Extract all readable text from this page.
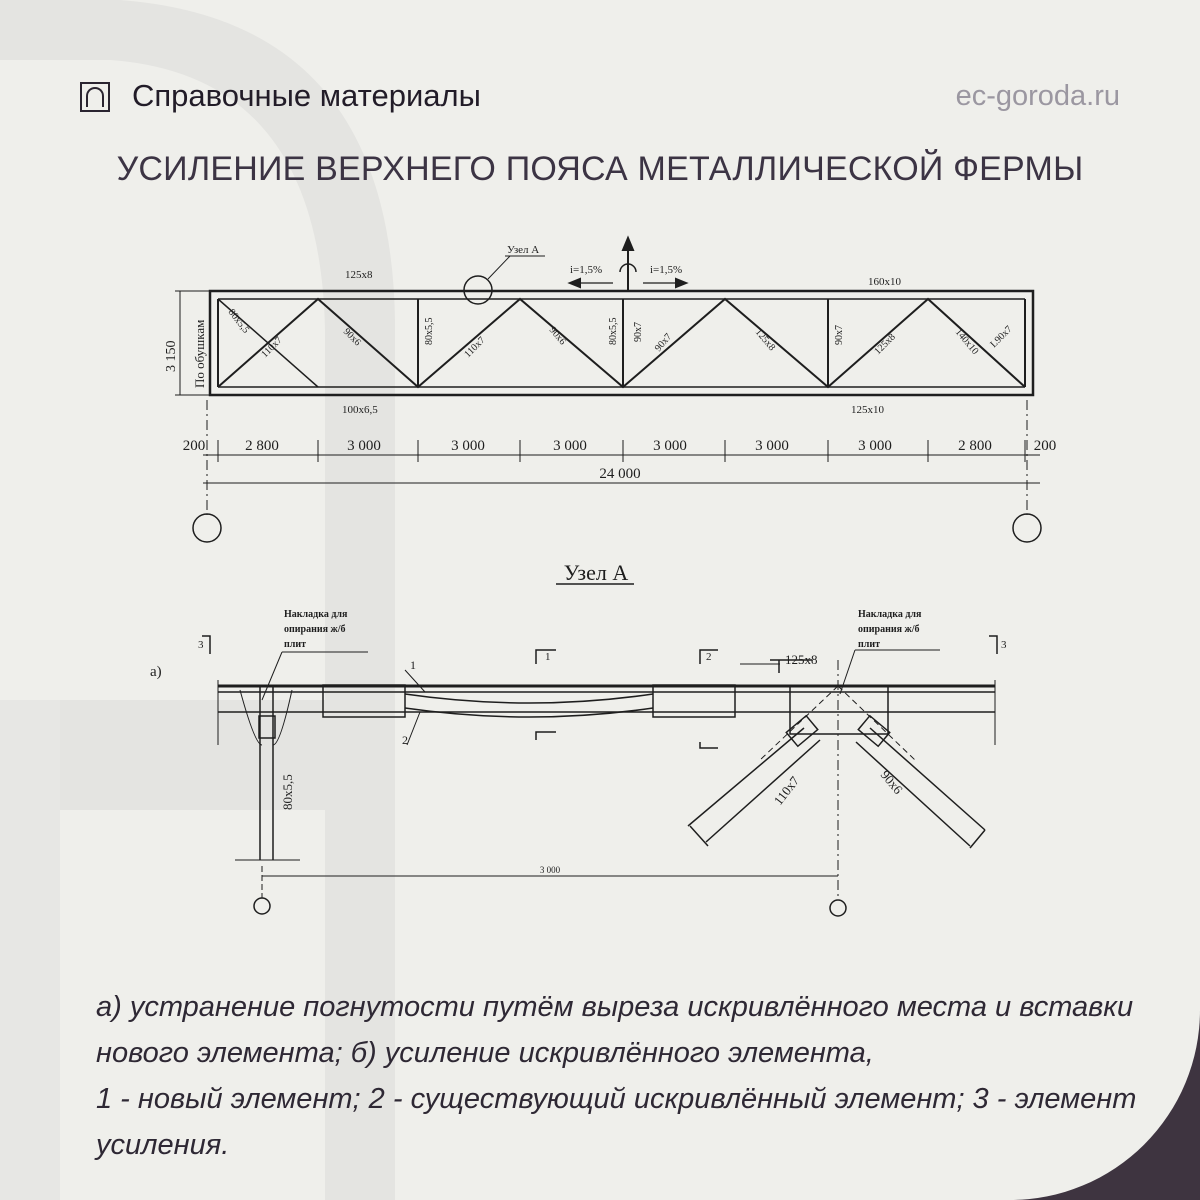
Справочные материалы	ec-goroda.ru
УСИЛЕНИЕ ВЕРХНЕГО ПОЯСА МЕТАЛЛИЧЕСКОЙ ФЕРМЫ
125x8
160x10
100x6,5	125x10
Узел А
i=1,5%	i=1,5%
80x5,5
110x7	90x6	80x5,5
110x7	90x6	80x5,5 90x7 90x7	125x8	90x7	125x8	140x10 L90x7
3 150 По обушкам
200	200
2 800	3 000	3 000	3 000	3 000	3 000	3 000	2 800
24 000
Узел А
а)
Накладка для
опирания ж/б
плит
Накладка для
опирания ж/б
плит
1
2
3	3
1	2	125x8
80x5,5	110x7	90x6
3 000
а) устранение погнутости путём выреза искривлённого места и вставки
нового элемента; б) усиление искривлённого элемента,
1 - новый элемент; 2 - существующий искривлённый элемент; 3 - элемент
усиления.
